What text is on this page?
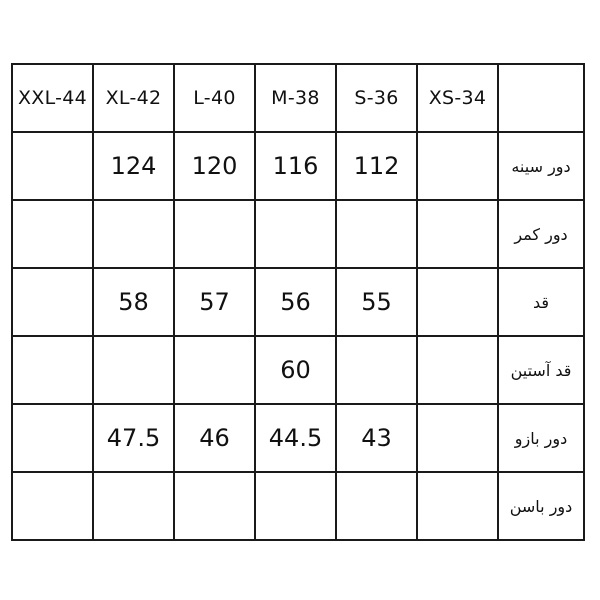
XXL-44	XL-42	L-40	M-38	S-36	XS-34	
	124	120	116	112		دور سینه
						دور کمر
	58	57	56	55		قد
			60			قد آستین
	47.5	46	44.5	43		دور بازو
						دور باسن
